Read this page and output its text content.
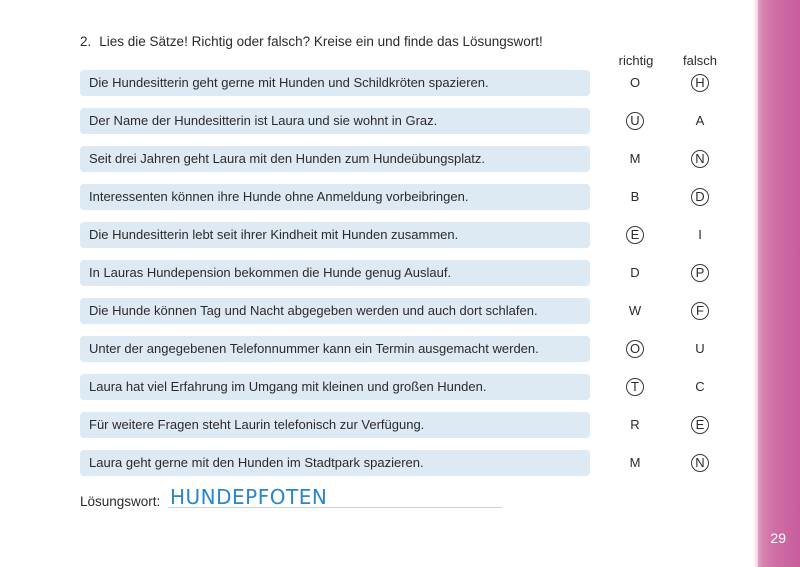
29
2. Lies die Sätze! Richtig oder falsch? Kreise ein und finde das Lösungswort!
richtig	falsch
Die Hundesitterin geht gerne mit Hunden und Schildkröten spazieren.	O	H
Der Name der Hundesitterin ist Laura und sie wohnt in Graz.	U	A
Seit drei Jahren geht Laura mit den Hunden zum Hundeübungsplatz.	M	N
Interessenten können ihre Hunde ohne Anmeldung vorbeibringen.	B	D
Die Hundesitterin lebt seit ihrer Kindheit mit Hunden zusammen.	E	I
In Lauras Hundepension bekommen die Hunde genug Auslauf.	D	P
Die Hunde können Tag und Nacht abgegeben werden und auch dort schlafen.	W	F
Unter der angegebenen Telefonnummer kann ein Termin ausgemacht werden.	O	U
Laura hat viel Erfahrung im Umgang mit kleinen und großen Hunden.	T	C
Für weitere Fragen steht Laurin telefonisch zur Verfügung.	R	E
Laura geht gerne mit den Hunden im Stadtpark spazieren.	M	N
Lösungswort: HUNDEPFOTEN
